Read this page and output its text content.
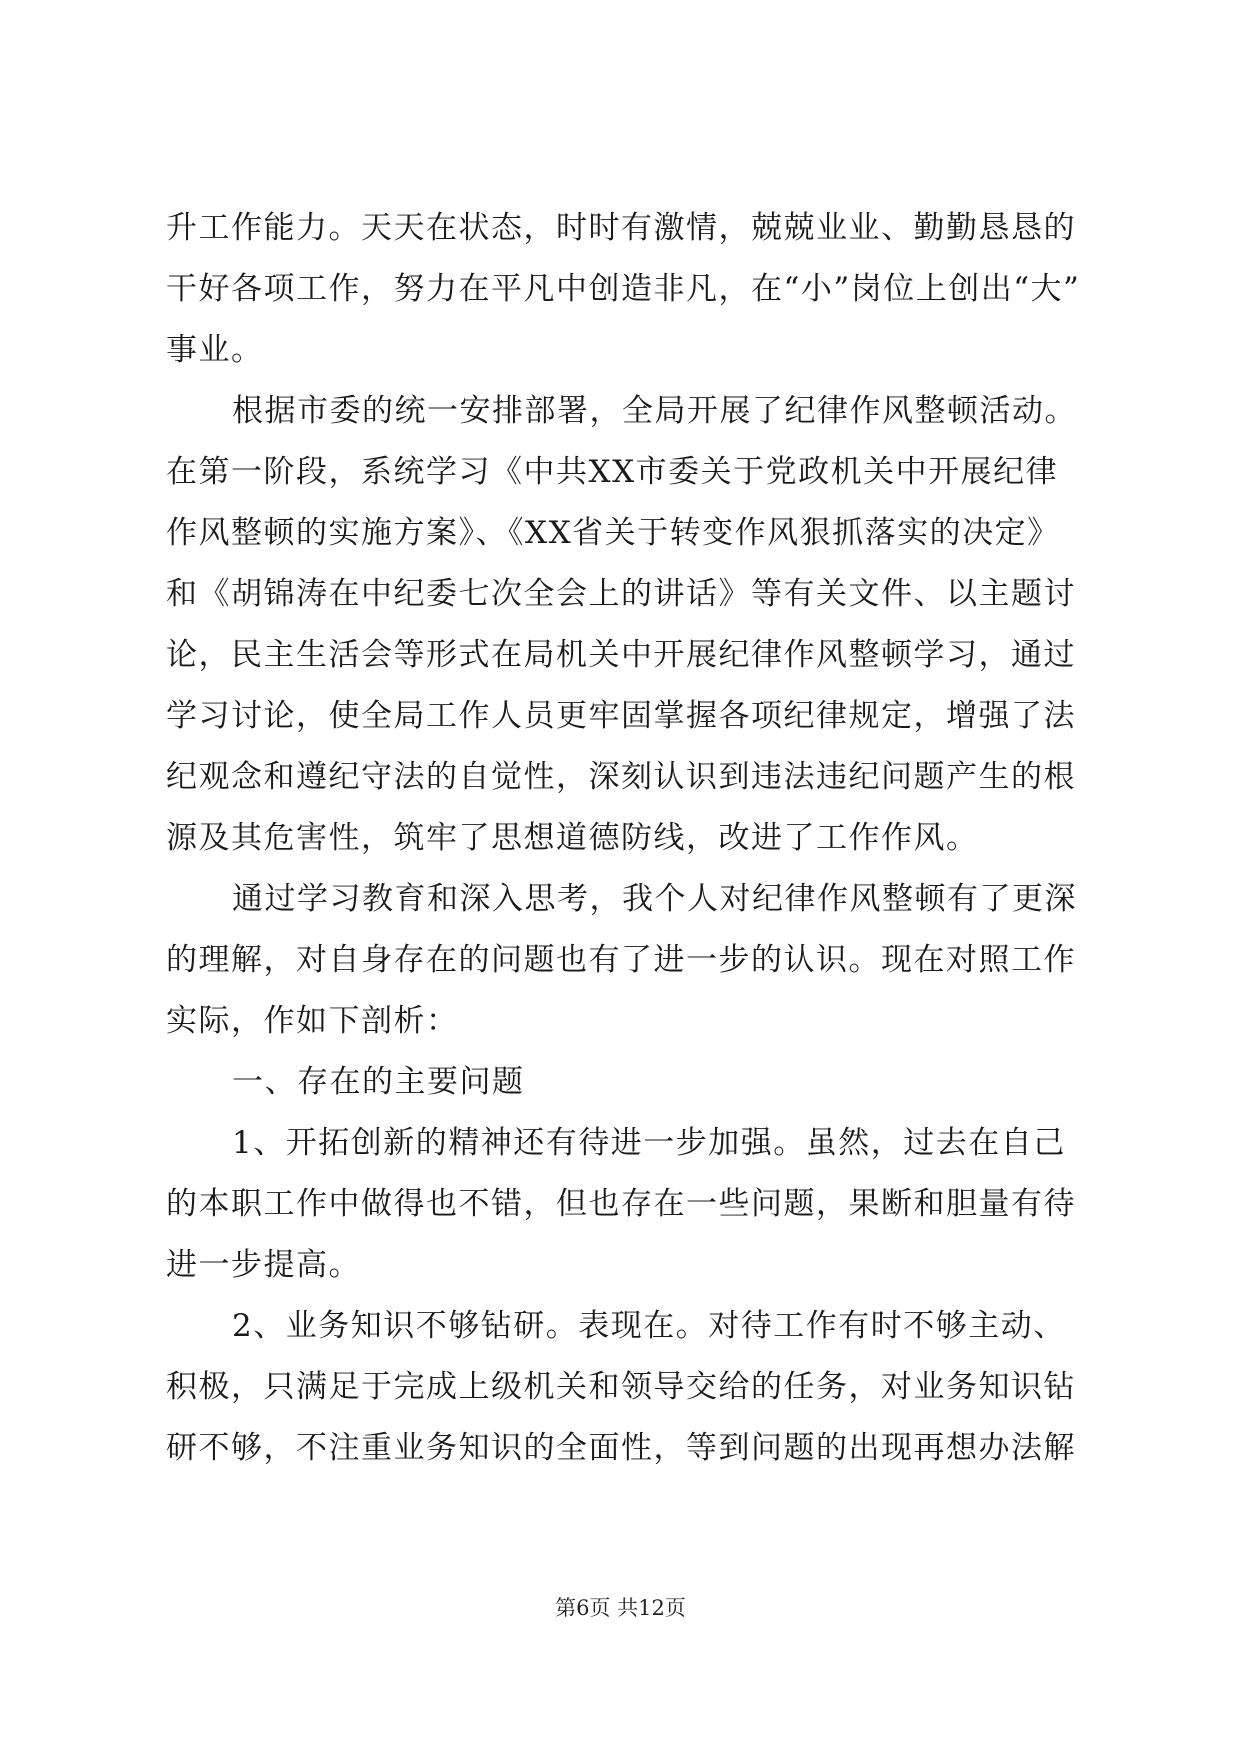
升工作能力。天天在状态，时时有激情，兢兢业业、勤勤恳恳的
干好各项工作，努力在平凡中创造非凡，在“小”岗位上创出“大”
事业。
根据市委的统一安排部署，全局开展了纪律作风整顿活动。
在第一阶段，系统学习《中共XX市委关于党政机关中开展纪律
作风整顿的实施方案》、《XX省关于转变作风狠抓落实的决定》
和《胡锦涛在中纪委七次全会上的讲话》等有关文件、以主题讨
论，民主生活会等形式在局机关中开展纪律作风整顿学习，通过
学习讨论，使全局工作人员更牢固掌握各项纪律规定，增强了法
纪观念和遵纪守法的自觉性，深刻认识到违法违纪问题产生的根
源及其危害性，筑牢了思想道德防线，改进了工作作风。
通过学习教育和深入思考，我个人对纪律作风整顿有了更深
的理解，对自身存在的问题也有了进一步的认识。现在对照工作
实际，作如下剖析：
一、存在的主要问题
1、开拓创新的精神还有待进一步加强。虽然，过去在自己
的本职工作中做得也不错，但也存在一些问题，果断和胆量有待
进一步提高。
2、业务知识不够钻研。表现在。对待工作有时不够主动、
积极，只满足于完成上级机关和领导交给的任务，对业务知识钻
研不够，不注重业务知识的全面性，等到问题的出现再想办法解
第6页 共12页
